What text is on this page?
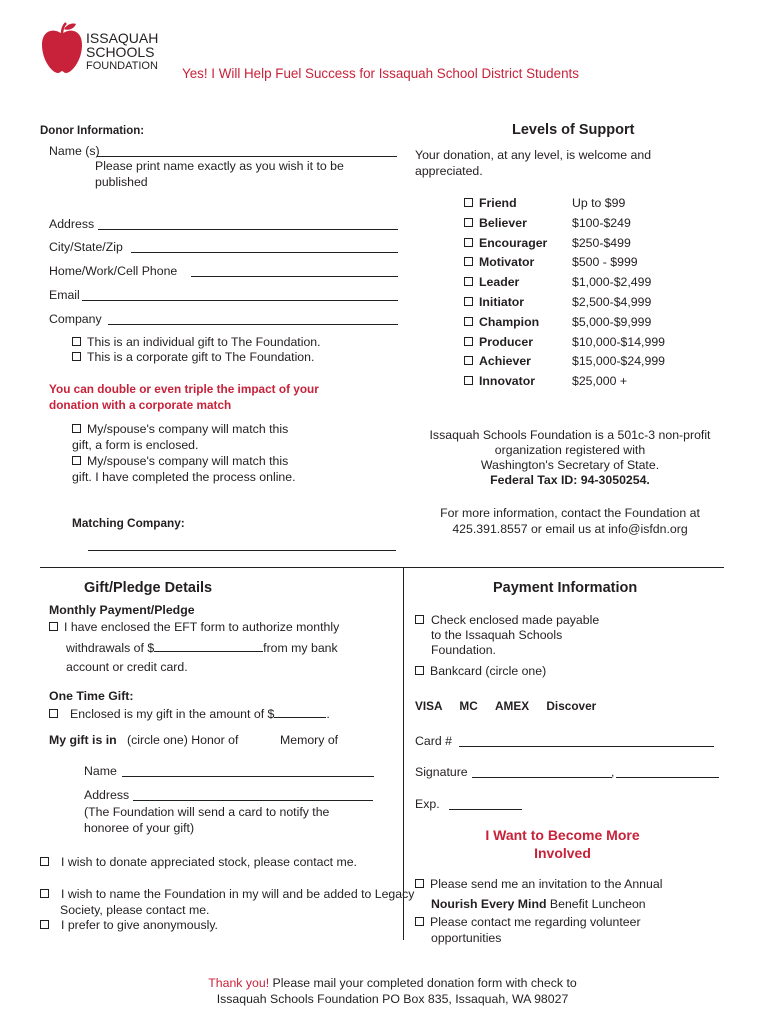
ISSAQUAH
SCHOOLS
FOUNDATION Yes! I Will Help Fuel Success for Issaquah School District Students
Donor Information:
Name (s)
Please print name exactly as you wish it to be published
Address
City/State/Zip
Home/Work/Cell Phone
Email
Company
This is an individual gift to The Foundation.
This is a corporate gift to The Foundation.
You can double or even triple the impact of your donation with a corporate match
My/spouse's company will match this gift, a form is enclosed.
My/spouse's company will match this gift. I have completed the process online.
Matching Company:
Levels of Support
Your donation, at any level, is welcome and appreciated.
Friend	Up to $99
Believer	$100-$249
Encourager $250-$499
Motivator	$500 - $999
Leader	$1,000-$2,499
Initiator	$2,500-$4,999
Champion	$5,000-$9,999
Producer	$10,000-$14,999
Achiever	$15,000-$24,999
Innovator	$25,000 +
Issaquah Schools Foundation is a 501c-3 non-profit
organization registered with
Washington's Secretary of State.
Federal Tax ID: 94-3050254.
For more information, contact the Foundation at
425.391.8557 or email us at info@isfdn.org
Gift/Pledge Details
Monthly Payment/Pledge
I have enclosed the EFT form to authorize monthly
withdrawals of $	from my bank
account or credit card.
One Time Gift:
Enclosed is my gift in the amount of $	.
My gift is in (circle one) Honor of	Memory of
Name
Address
(The Foundation will send a card to notify the honoree of your gift)
I wish to donate appreciated stock, please contact me.
I wish to name the Foundation in my will and be added to Legacy Society, please contact me.
I prefer to give anonymously.
Payment Information
Check enclosed made payable to the Issaquah Schools Foundation.
Bankcard (circle one)
VISA MC AMEX Discover
Card #
Signature	,
Exp.
I Want to Become More
Involved
Please send me an invitation to the Annual
Nourish Every Mind Benefit Luncheon
Please contact me regarding volunteer opportunities
Thank you! Please mail your completed donation form with check to
Issaquah Schools Foundation PO Box 835, Issaquah, WA 98027
